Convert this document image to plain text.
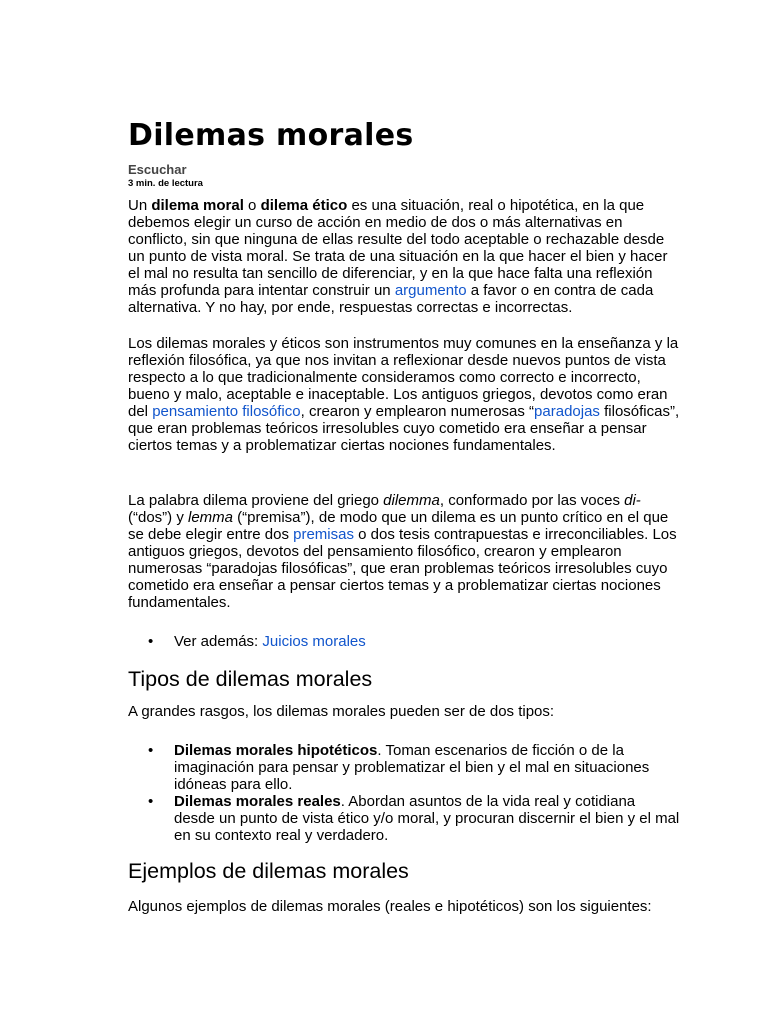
Dilemas morales
Escuchar
3 min. de lectura

Un dilema moral o dilema ético es una situación, real o hipotética, en la que debemos elegir un curso de acción en medio de dos o más alternativas en conflicto, sin que ninguna de ellas resulte del todo aceptable o rechazable desde un punto de vista moral. Se trata de una situación en la que hacer el bien y hacer el mal no resulta tan sencillo de diferenciar, y en la que hace falta una reflexión más profunda para intentar construir un argumento a favor o en contra de cada alternativa. Y no hay, por ende, respuestas correctas e incorrectas.

Los dilemas morales y éticos son instrumentos muy comunes en la enseñanza y la reflexión filosófica, ya que nos invitan a reflexionar desde nuevos puntos de vista respecto a lo que tradicionalmente consideramos como correcto e incorrecto, bueno y malo, aceptable e inaceptable. Los antiguos griegos, devotos como eran del pensamiento filosófico, crearon y emplearon numerosas “paradojas filosóficas”, que eran problemas teóricos irresolubles cuyo cometido era enseñar a pensar ciertos temas y a problematizar ciertas nociones fundamentales.

La palabra dilema proviene del griego dilemma, conformado por las voces di- (“dos”) y lemma (“premisa”), de modo que un dilema es un punto crítico en el que se debe elegir entre dos premisas o dos tesis contrapuestas e irreconciliables. Los antiguos griegos, devotos del pensamiento filosófico, crearon y emplearon numerosas “paradojas filosóficas”, que eran problemas teóricos irresolubles cuyo cometido era enseñar a pensar ciertos temas y a problematizar ciertas nociones fundamentales.

• Ver además: Juicios morales
Tipos de dilemas morales

A grandes rasgos, los dilemas morales pueden ser de dos tipos:

• Dilemas morales hipotéticos. Toman escenarios de ficción o de la imaginación para pensar y problematizar el bien y el mal en situaciones idóneas para ello.
• Dilemas morales reales. Abordan asuntos de la vida real y cotidiana desde un punto de vista ético y/o moral, y procuran discernir el bien y el mal en su contexto real y verdadero.
Ejemplos de dilemas morales

Algunos ejemplos de dilemas morales (reales e hipotéticos) son los siguientes:
